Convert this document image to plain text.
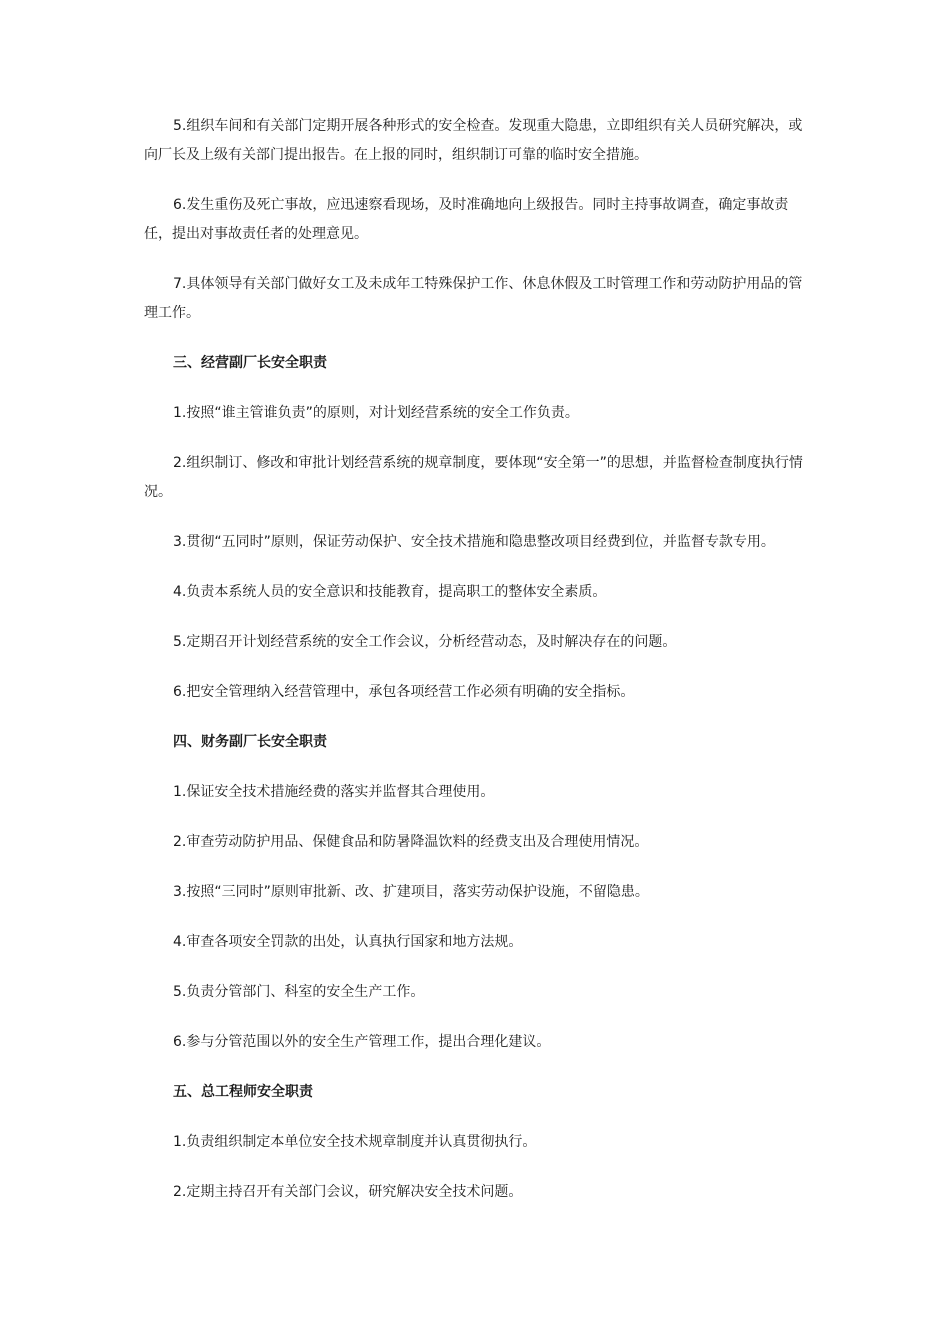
5.组织车间和有关部门定期开展各种形式的安全检查。发现重大隐患，立即组织有关人员研究解决，或向厂长及上级有关部门提出报告。在上报的同时，组织制订可靠的临时安全措施。

6.发生重伤及死亡事故，应迅速察看现场，及时准确地向上级报告。同时主持事故调查，确定事故责任，提出对事故责任者的处理意见。

7.具体领导有关部门做好女工及未成年工特殊保护工作、休息休假及工时管理工作和劳动防护用品的管理工作。

三、经营副厂长安全职责

1.按照“谁主管谁负责”的原则，对计划经营系统的安全工作负责。

2.组织制订、修改和审批计划经营系统的规章制度，要体现“安全第一”的思想，并监督检查制度执行情况。

3.贯彻“五同时”原则，保证劳动保护、安全技术措施和隐患整改项目经费到位，并监督专款专用。

4.负责本系统人员的安全意识和技能教育，提高职工的整体安全素质。

5.定期召开计划经营系统的安全工作会议，分析经营动态，及时解决存在的问题。

6.把安全管理纳入经营管理中，承包各项经营工作必须有明确的安全指标。

四、财务副厂长安全职责

1.保证安全技术措施经费的落实并监督其合理使用。

2.审查劳动防护用品、保健食品和防暑降温饮料的经费支出及合理使用情况。

3.按照“三同时”原则审批新、改、扩建项目，落实劳动保护设施，不留隐患。

4.审查各项安全罚款的出处，认真执行国家和地方法规。

5.负责分管部门、科室的安全生产工作。

6.参与分管范围以外的安全生产管理工作，提出合理化建议。

五、总工程师安全职责

1.负责组织制定本单位安全技术规章制度并认真贯彻执行。

2.定期主持召开有关部门会议，研究解决安全技术问题。
